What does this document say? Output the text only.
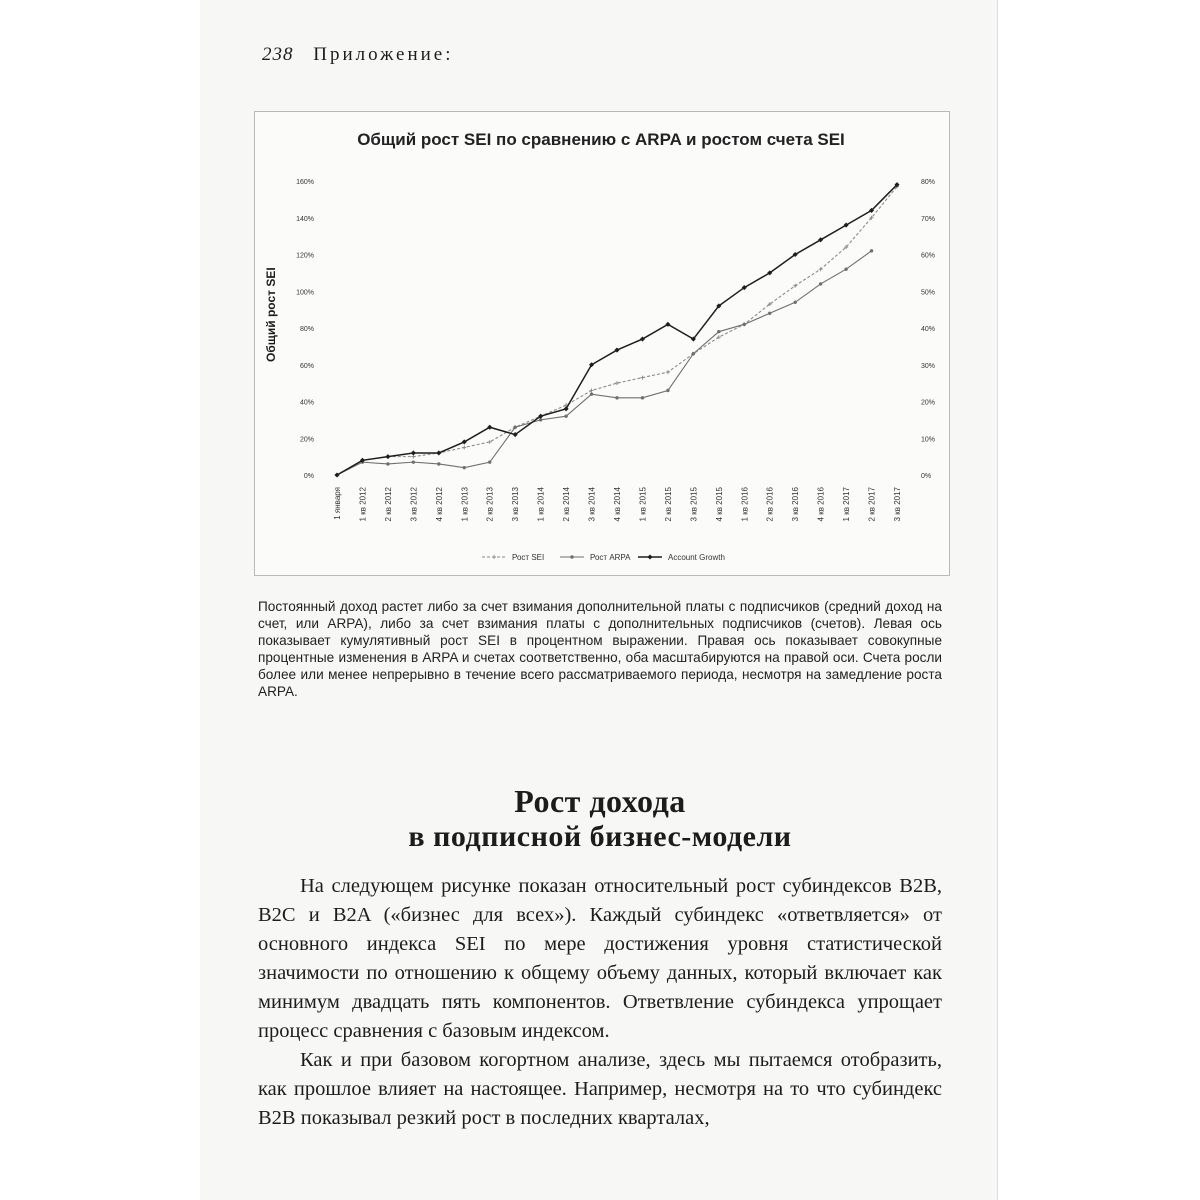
238 Приложение:
Общий рост SEI по сравнению с ARPA и ростом счета SEI
Общий рост SEI
0%
20%
40%
60%
80%
100%
120%
140%
160%
0%
10%
20%
30%
40%
50%
60%
70%
80%
1 января 1 кв 2012 2 кв 2012 3 кв 2012 4 кв 2012 1 кв 2013 2 кв 2013 3 кв 2013 1 кв 2014 2 кв 2014 3 кв 2014 4 кв 2014 1 кв 2015 2 кв 2015 3 кв 2015 4 кв 2015 1 кв 2016 2 кв 2016 3 кв 2016 4 кв 2016 1 кв 2017 2 кв 2017 3 кв 2017
Рост SEI	Рост ARPA	Account Growth
Постоянный доход растет либо за счет взимания дополнительной платы с подписчиков (средний доход на счет, или ARPA), либо за счет взимания платы с дополнительных подписчиков (счетов). Левая ось показывает кумулятивный рост SEI в процентном выражении. Правая ось показывает совокупные процентные изменения в ARPA и счетах соответственно, оба масштабируются на правой оси. Счета росли более или менее непрерывно в течение всего рассматриваемого периода, несмотря на замедление роста ARPA.
Рост дохода
в подписной бизнес-модели

На следующем рисунке показан относительный рост субиндексов B2B, B2C и B2A («бизнес для всех»). Каждый субиндекс «ответвляется» от основного индекса SEI по мере достижения уровня статистической значимости по отношению к общему объему данных, который включает как минимум двадцать пять компонентов. Ответвление субиндекса упрощает процесс сравнения с базовым индексом.

Как и при базовом когортном анализе, здесь мы пытаемся отобразить, как прошлое влияет на настоящее. Например, несмотря на то что субиндекс B2B показывал резкий рост в последних кварталах,
